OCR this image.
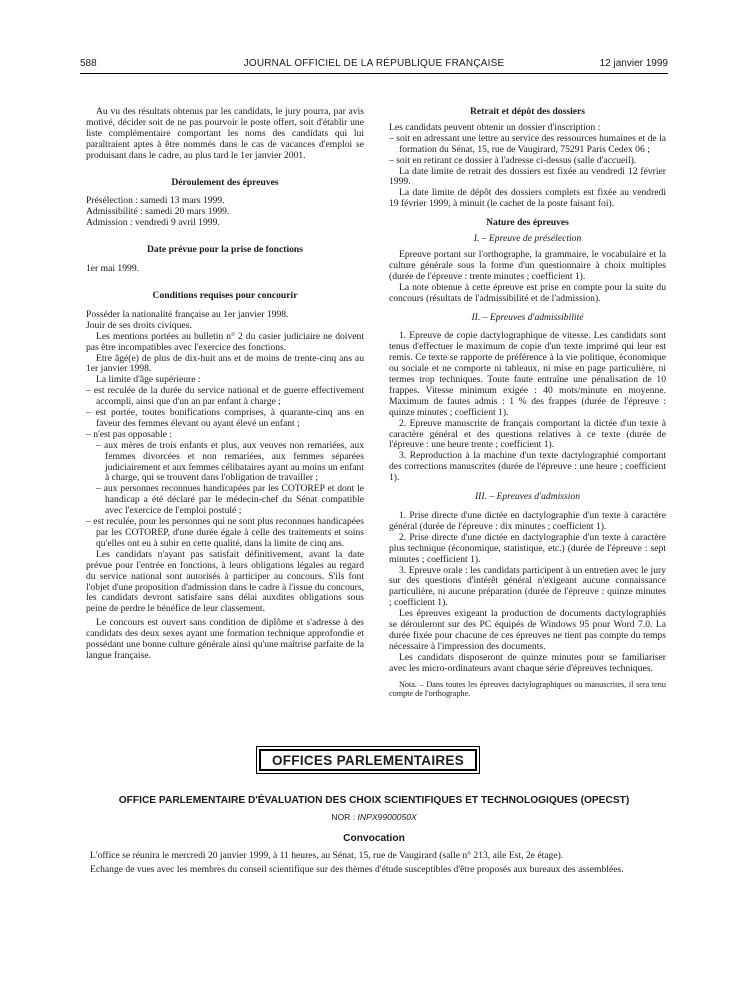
588	JOURNAL OFFICIEL DE LA RÉPUBLIQUE FRANÇAISE	12 janvier 1999

Au vu des résultats obtenus par les candidats, le jury pourra, par avis motivé, décider soit de ne pas pourvoir le poste offert, soit d'établir une liste complémentaire comportant les noms des candidats qui lui paraîtraient aptes à être nommés dans le cas de vacances d'emploi se produisant dans le cadre, au plus tard le 1er janvier 2001.

Déroulement des épreuves

Présélection : samedi 13 mars 1999.

Admissibilité : samedi 20 mars 1999.

Admission : vendredi 9 avril 1999.

Date prévue pour la prise de fonctions

1er mai 1999.

Conditions requises pour concourir

Posséder la nationalité française au 1er janvier 1998.

Jouir de ses droits civiques.

Les mentions portées au bulletin n° 2 du casier judiciaire ne doivent pas être incompatibles avec l'exercice des fonctions.

Etre âgé(e) de plus de dix-huit ans et de moins de trente-cinq ans au 1er janvier 1998.

La limite d'âge supérieure :

– est reculée de la durée du service national et de guerre effectivement accompli, ainsi que d'un an par enfant à charge ;

– est portée, toutes bonifications comprises, à quarante-cinq ans en faveur des femmes élevant ou ayant élevé un enfant ;

– n'est pas opposable :

– aux mères de trois enfants et plus, aux veuves non remariées, aux femmes divorcées et non remariées, aux femmes séparées judiciairement et aux femmes célibataires ayant au moins un enfant à charge, qui se trouvent dans l'obligation de travailler ;

– aux personnes reconnues handicapées par les COTOREP et dont le handicap a été déclaré par le médecin-chef du Sénat compatible avec l'exercice de l'emploi postulé ;

– est reculée, pour les personnes qui ne sont plus reconnues handicapées par les COTOREP, d'une durée égale à celle des traitements et soins qu'elles ont eu à subir en cette qualité, dans la limite de cinq ans.

Les candidats n'ayant pas satisfait définitivement, avant la date prévue pour l'entrée en fonctions, à leurs obligations légales au regard du service national sont autorisés à participer au concours. S'ils font l'objet d'une proposition d'admission dans le cadre à l'issue du concours, les candidats devront satisfaire sans délai auxdites obligations sous peine de perdre le bénéfice de leur classement.

Le concours est ouvert sans condition de diplôme et s'adresse à des candidats des deux sexes ayant une formation technique approfondie et possédant une bonne culture générale ainsi qu'une maîtrise parfaite de la langue française.

Retrait et dépôt des dossiers

Les candidats peuvent obtenir un dossier d'inscription :

– soit en adressant une lettre au service des ressources humaines et de la formation du Sénat, 15, rue de Vaugirard, 75291 Paris Cedex 06 ;

– soit en retirant ce dossier à l'adresse ci-dessus (salle d'accueil).

La date limite de retrait des dossiers est fixée au vendredi 12 février 1999.

La date limite de dépôt des dossiers complets est fixée au vendredi 19 février 1999, à minuit (le cachet de la poste faisant foi).

Nature des épreuves

I. – Epreuve de présélection

Epreuve portant sur l'orthographe, la grammaire, le vocabulaire et la culture générale sous la forme d'un questionnaire à choix multiples (durée de l'épreuve : trente minutes ; coefficient 1).

La note obtenue à cette épreuve est prise en compte pour la suite du concours (résultats de l'admissibilité et de l'admission).

II. – Epreuves d'admissibilité

1. Epreuve de copie dactylographique de vitesse. Les candidats sont tenus d'effectuer le maximum de copie d'un texte imprimé qui leur est remis. Ce texte se rapporte de préférence à la vie politique, économique ou sociale et ne comporte ni tableaux, ni mise en page particulière, ni termes trop techniques. Toute faute entraîne une pénalisation de 10 frappes. Vitesse minimum exigée : 40 mots/minute en moyenne. Maximum de fautes admis : 1 % des frappes (durée de l'épreuve : quinze minutes ; coefficient 1).

2. Epreuve manuscrite de français comportant la dictée d'un texte à caractère général et des questions relatives à ce texte (durée de l'épreuve : une heure trente ; coefficient 1).

3. Reproduction à la machine d'un texte dactylographié comportant des corrections manuscrites (durée de l'épreuve : une heure ; coefficient 1).

III. – Epreuves d'admission

1. Prise directe d'une dictée en dactylographie d'un texte à caractère général (durée de l'épreuve : dix minutes ; coefficient 1).

2. Prise directe d'une dictée en dactylographie d'un texte à caractère plus technique (économique, statistique, etc.) (durée de l'épreuve : sept minutes ; coefficient 1).

3. Epreuve orale : les candidats participent à un entretien avec le jury sur des questions d'intérêt général n'exigeant aucune connaissance particulière, ni aucune préparation (durée de l'épreuve : quinze minutes ; coefficient 1).

Les épreuves exigeant la production de documents dactylographiés se dérouleront sur des PC équipés de Windows 95 pour Word 7.0. La durée fixée pour chacune de ces épreuves ne tient pas compte du temps nécessaire à l'impression des documents.

Les candidats disposeront de quinze minutes pour se familiariser avec les micro-ordinateurs avant chaque série d'épreuves techniques.

Nota. – Dans toutes les épreuves dactylographiques ou manuscrites, il sera tenu compte de l'orthographe.

OFFICES PARLEMENTAIRES
OFFICE PARLEMENTAIRE D'ÉVALUATION DES CHOIX SCIENTIFIQUES ET TECHNOLOGIQUES (OPECST)
NOR : INPX9900050X
Convocation

L'office se réunira le mercredi 20 janvier 1999, à 11 heures, au Sénat, 15, rue de Vaugirard (salle n° 213, aile Est, 2e étage).

Echange de vues avec les membres du conseil scientifique sur des thèmes d'étude susceptibles d'être proposés aux bureaux des assemblées.
